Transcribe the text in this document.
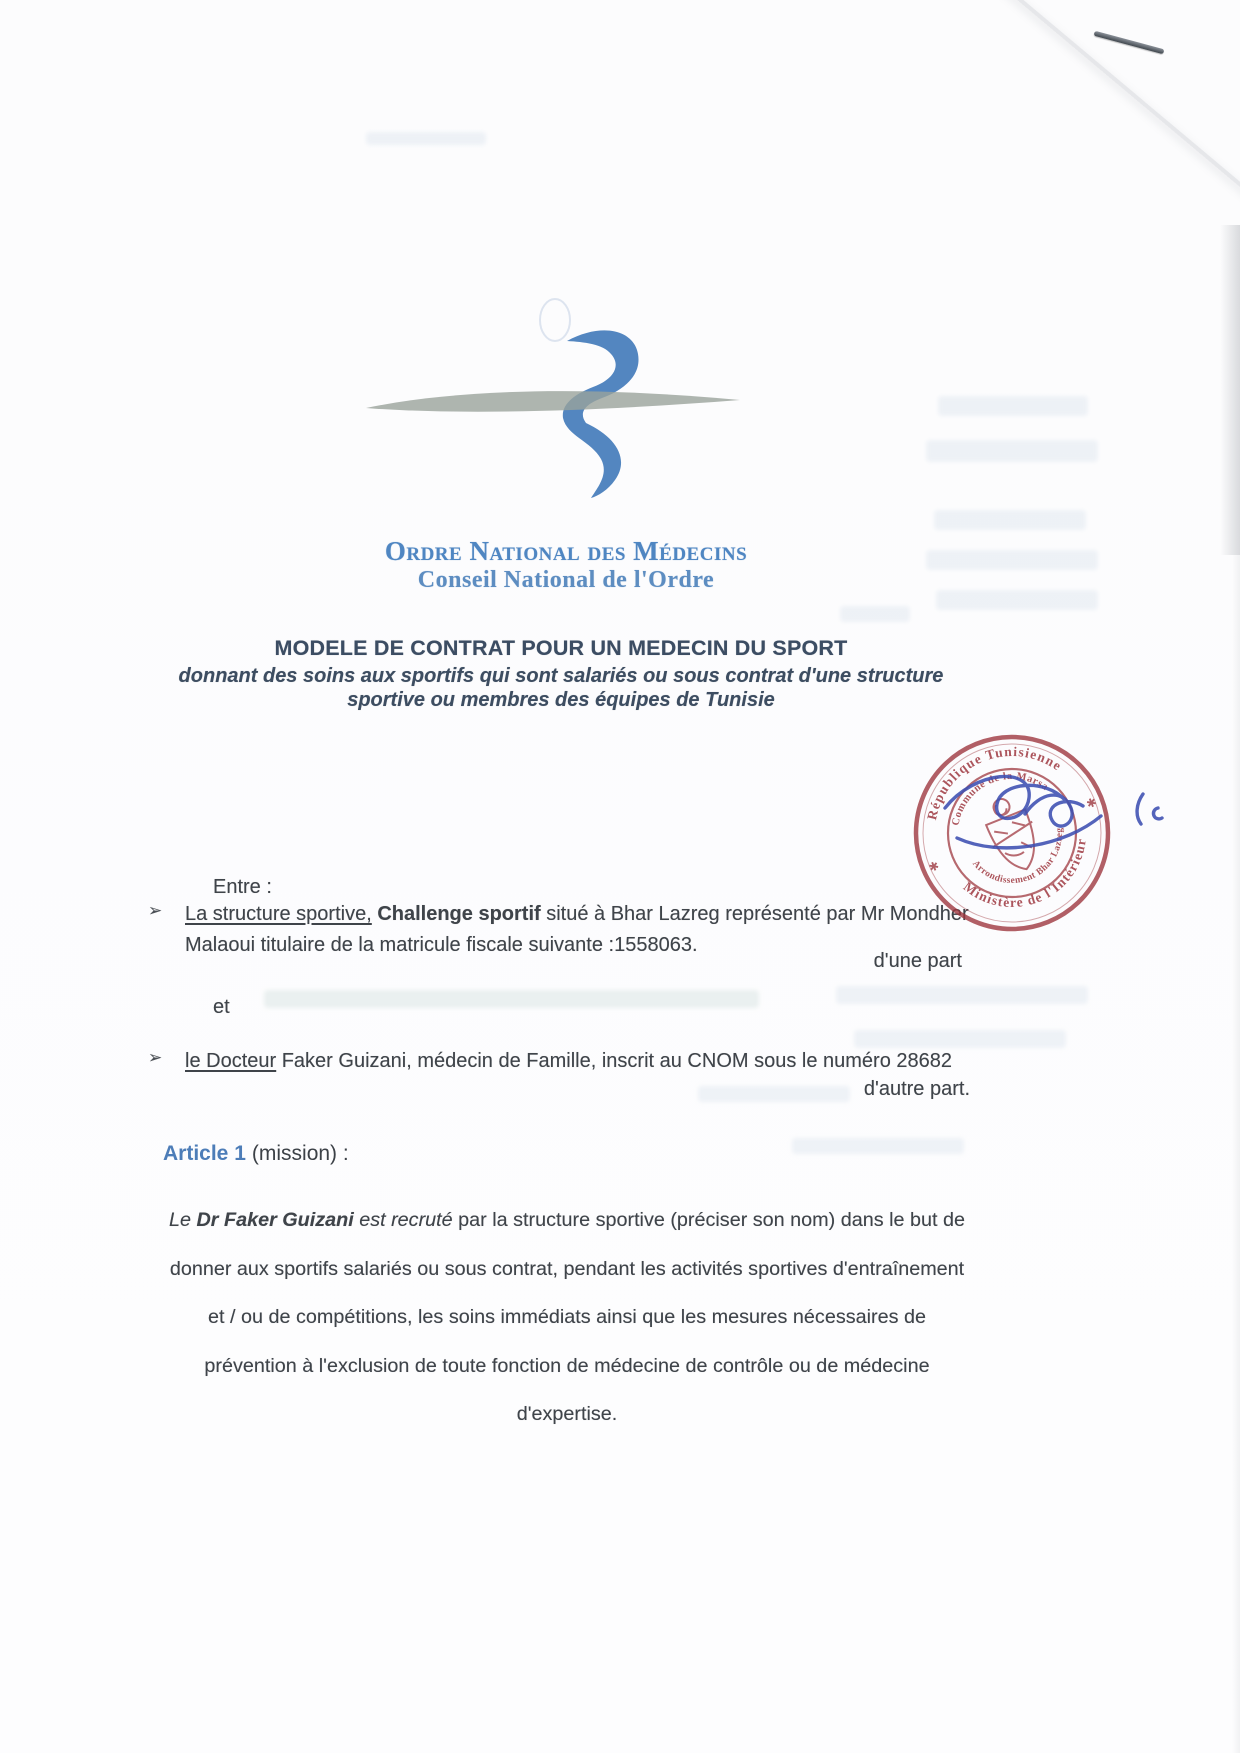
Ordre National des Médecins
Conseil National de l'Ordre
MODELE DE CONTRAT POUR UN MEDECIN DU SPORT
donnant des soins aux sportifs qui sont salariés ou sous contrat d'une structure
sportive ou membres des équipes de Tunisie
Entre :
➢	La structure sportive, Challenge sportif situé à Bhar Lazreg représenté par Mr Mondher
Malaoui titulaire de la matricule fiscale suivante :1558063.
d'une part
et
➢	le Docteur Faker Guizani, médecin de Famille, inscrit au CNOM sous le numéro 28682
d'autre part.
Article 1 (mission) :
Le Dr Faker Guizani est recruté par la structure sportive (préciser son nom) dans le but de donner aux sportifs salariés ou sous contrat, pendant les activités sportives d'entraînement et / ou de compétitions, les soins immédiats ainsi que les mesures nécessaires de prévention à l'exclusion de toute fonction de médecine de contrôle ou de médecine d'expertise.
République Tunisienne
Ministère de l'Intérieur
Commune de la Marsa
Arrondissement Bhar Lazreg
✱
✱
